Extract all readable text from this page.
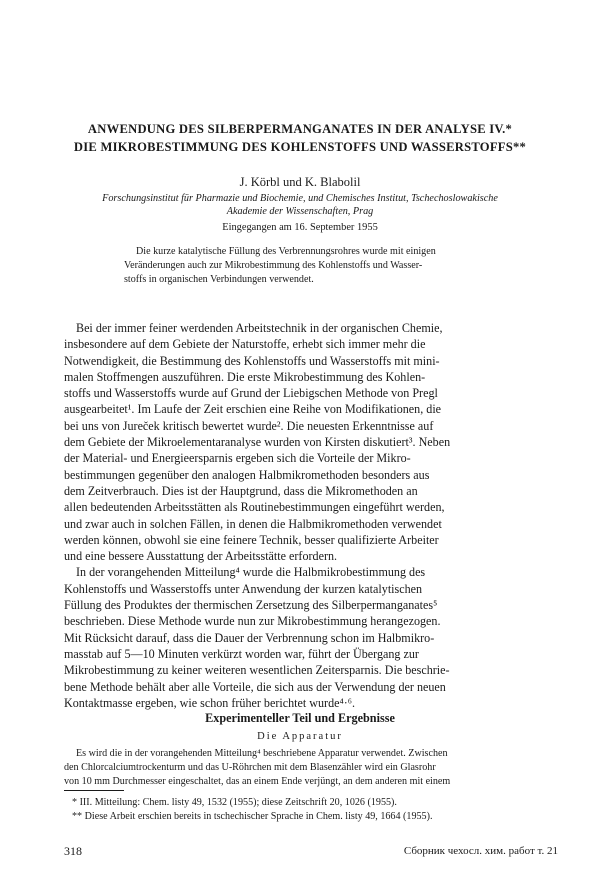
ANWENDUNG DES SILBERPERMANGANATES IN DER ANALYSE IV.*
DIE MIKROBESTIMMUNG DES KOHLENSTOFFS UND WASSERSTOFFS**
J. Körbl und K. Blabolil
Forschungsinstitut für Pharmazie und Biochemie, und Chemisches Institut, Tschechoslowakische
Akademie der Wissenschaften, Prag
Eingegangen am 16. September 1955
Die kurze katalytische Füllung des Verbrennungsrohres wurde mit einigen
Veränderungen auch zur Mikrobestimmung des Kohlenstoffs und Wasser-
stoffs in organischen Verbindungen verwendet.
Bei der immer feiner werdenden Arbeitstechnik in der organischen Chemie,
insbesondere auf dem Gebiete der Naturstoffe, erhebt sich immer mehr die
Notwendigkeit, die Bestimmung des Kohlenstoffs und Wasserstoffs mit mini-
malen Stoffmengen auszuführen. Die erste Mikrobestimmung des Kohlen-
stoffs und Wasserstoffs wurde auf Grund der Liebigschen Methode von Pregl
ausgearbeitet¹. Im Laufe der Zeit erschien eine Reihe von Modifikationen, die
bei uns von Jureček kritisch bewertet wurde². Die neuesten Erkenntnisse auf
dem Gebiete der Mikroelementaranalyse wurden von Kirsten diskutiert³. Neben
der Material- und Energieersparnis ergeben sich die Vorteile der Mikro-
bestimmungen gegenüber den analogen Halbmikromethoden besonders aus
dem Zeitverbrauch. Dies ist der Hauptgrund, dass die Mikromethoden an
allen bedeutenden Arbeitsstätten als Routinebestimmungen eingeführt werden,
und zwar auch in solchen Fällen, in denen die Halbmikromethoden verwendet
werden können, obwohl sie eine feinere Technik, besser qualifizierte Arbeiter
und eine bessere Ausstattung der Arbeitsstätte erfordern.
In der vorangehenden Mitteilung⁴ wurde die Halbmikrobestimmung des
Kohlenstoffs und Wasserstoffs unter Anwendung der kurzen katalytischen
Füllung des Produktes der thermischen Zersetzung des Silberpermanganates⁵
beschrieben. Diese Methode wurde nun zur Mikrobestimmung herangezogen.
Mit Rücksicht darauf, dass die Dauer der Verbrennung schon im Halbmikro-
masstab auf 5—10 Minuten verkürzt worden war, führt der Übergang zur
Mikrobestimmung zu keiner weiteren wesentlichen Zeitersparnis. Die beschrie-
bene Methode behält aber alle Vorteile, die sich aus der Verwendung der neuen
Kontaktmasse ergeben, wie schon früher berichtet wurde⁴·⁶.
Experimenteller Teil und Ergebnisse
Die Apparatur
Es wird die in der vorangehenden Mitteilung⁴ beschriebene Apparatur verwendet. Zwischen
den Chlorcalciumtrockenturm und das U-Röhrchen mit dem Blasenzähler wird ein Glasrohr
von 10 mm Durchmesser eingeschaltet, das an einem Ende verjüngt, an dem anderen mit einem
* III. Mitteilung: Chem. listy 49, 1532 (1955); diese Zeitschrift 20, 1026 (1955).
** Diese Arbeit erschien bereits in tschechischer Sprache in Chem. listy 49, 1664 (1955).
318	Сборник чехосл. хим. работ т. 21
